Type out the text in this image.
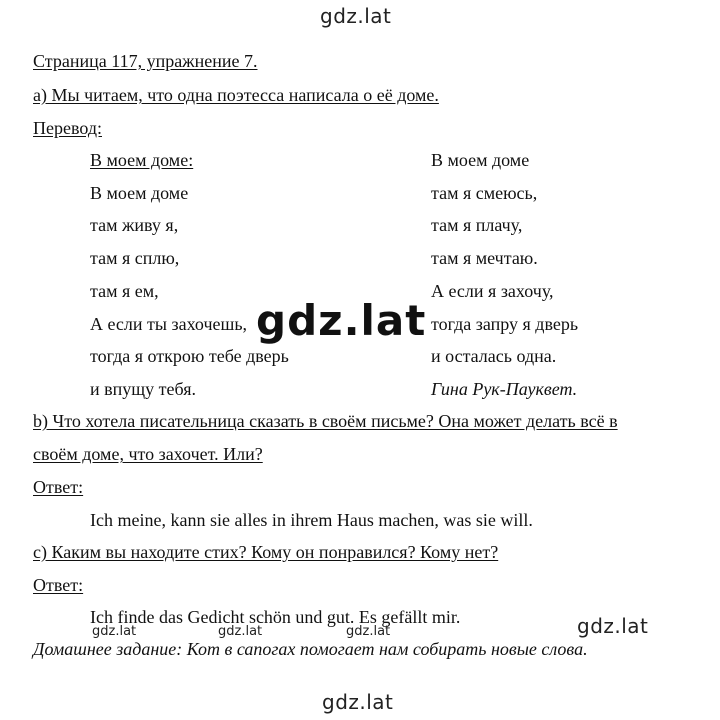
gdz.lat
Страница 117, упражнение 7.
а) Мы читаем, что одна поэтесса написала о её доме.
Перевод:
В моем доме:
В моем доме
там живу я,
там я сплю,
там я ем,
А если ты захочешь,
тогда я открою тебе дверь
и впущу тебя.
В моем доме
там я смеюсь,
там я плачу,
там я мечтаю.
А если я захочу,
тогда запру я дверь
и осталась одна.
Гина Рук-Пауквет.
gdz.lat
b) Что хотела писательница сказать в своём письме? Она может делать всё в
своём доме, что захочет. Или?
Ответ:
Ich meine, kann sie alles in ihrem Haus machen, was sie will.
c) Каким вы находите стих? Кому он понравился? Кому нет?
Ответ:
Ich finde das Gedicht schön und gut. Es gefällt mir.
gdz.lat	gdz.lat	gdz.lat	gdz.lat
Домашнее задание: Кот в сапогах помогает нам собирать новые слова.
gdz.lat
